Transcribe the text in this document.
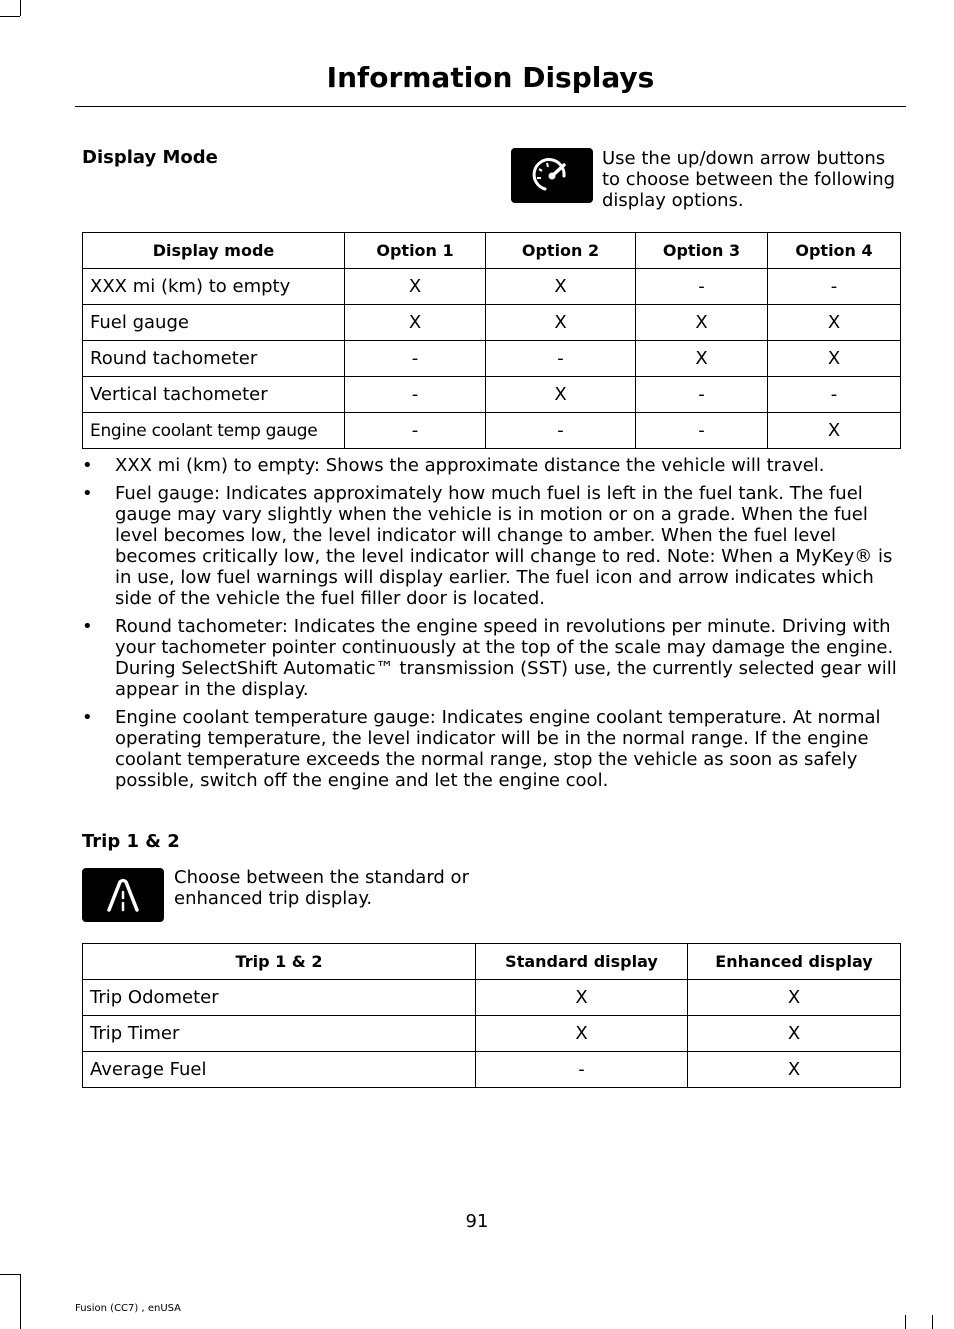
Information Displays
Display Mode	Use the up/down arrow buttons to choose between the following display options.
Display mode	Option 1	Option 2	Option 3	Option 4
XXX mi (km) to empty	X	X	-	-
Fuel gauge	X	X	X	X
Round tachometer	-	-	X	X
Vertical tachometer	-	X	-	-
Engine coolant temp gauge	-	-	-	X
• XXX mi (km) to empty: Shows the approximate distance the vehicle will travel.
• Fuel gauge: Indicates approximately how much fuel is left in the fuel tank. The fuel gauge may vary slightly when the vehicle is in motion or on a grade. When the fuel level becomes low, the level indicator will change to amber. When the fuel level becomes critically low, the level indicator will change to red. Note: When a MyKey® is in use, low fuel warnings will display earlier. The fuel icon and arrow indicates which side of the vehicle the fuel filler door is located.
• Round tachometer: Indicates the engine speed in revolutions per minute. Driving with your tachometer pointer continuously at the top of the scale may damage the engine. During SelectShift Automatic™ transmission (SST) use, the currently selected gear will appear in the display.
• Engine coolant temperature gauge: Indicates engine coolant temperature. At normal operating temperature, the level indicator will be in the normal range. If the engine coolant temperature exceeds the normal range, stop the vehicle as soon as safely possible, switch off the engine and let the engine cool.
Trip 1 & 2
Choose between the standard or enhanced trip display.
Trip 1 & 2	Standard display	Enhanced display
Trip Odometer	X	X
Trip Timer	X	X
Average Fuel	-	X
91
Fusion (CC7) , enUSA
